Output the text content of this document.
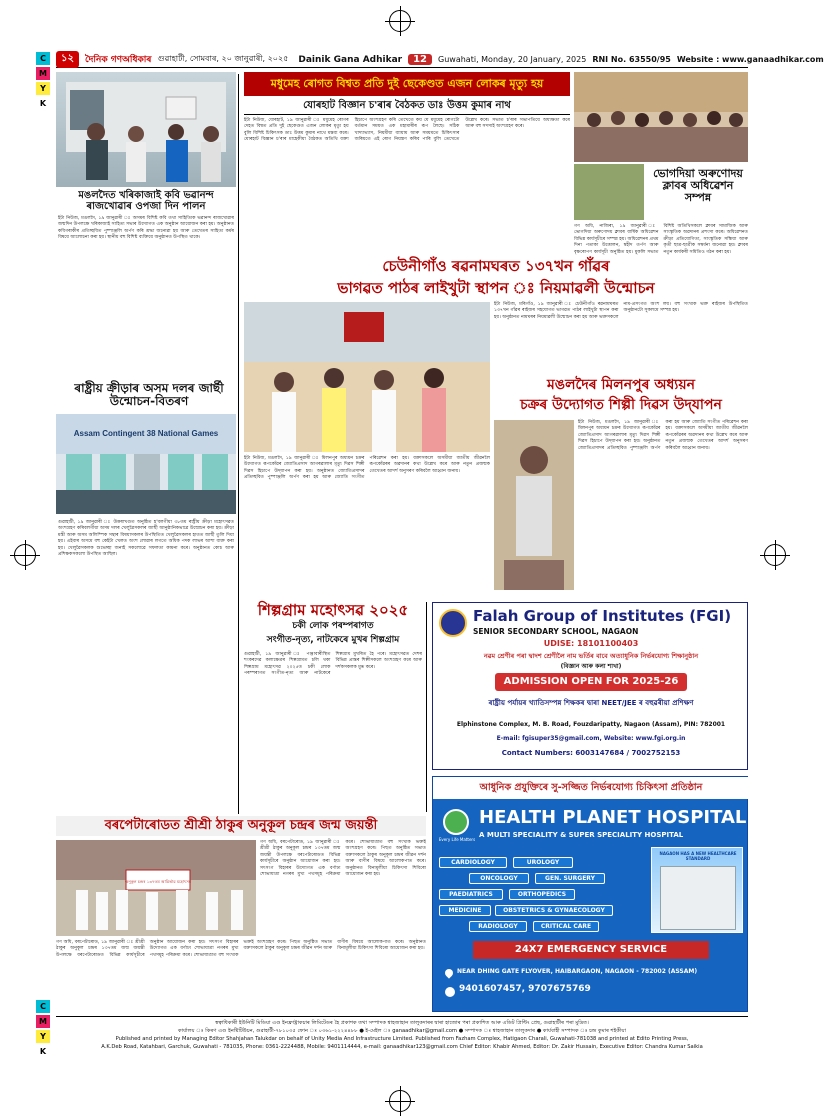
C
M
Y
K
C
M
Y
K
১২	দৈনিক গণঅধিকাৰ গুৱাহাটী, সোমবাৰ, ২০ জানুৱাৰী, ২০২৫ Dainik Gana Adhikar	12	Guwahati, Monday, 20 January, 2025 RNI No. 63550/95 Website : www.ganaadhikar.com
মঙলদৈত খৰিকাজাই কবি ভৱানন্দ ৰাজখোৱাৰ ওপজা দিন পালন
ইটা নিউজ, মঙলদৈ, ১৯ জানুৱাৰী ঃ অসমৰ বিশিষ্ট কবি তথা সাহিত্যিক ভৱানন্দ ৰাজখোৱাৰ জন্মদিন উপলক্ষে খৰিকাজাই সাহিত্য সভাৰ উদ্যোগত এক অনুষ্ঠান আয়োজন কৰা হয়। অনুষ্ঠানত কবিগৰাকীৰ প্ৰতিচ্ছবিত পুষ্পাঞ্জলি অৰ্পণ কৰি শ্ৰদ্ধা জনোৱা হয় আৰু তেখেতৰ সাহিত্য কৰ্মৰ বিষয়ে আলোচনা কৰা হয়। স্থানীয় বহু বিশিষ্ট ব্যক্তিয়ে অনুষ্ঠানত উপস্থিত থাকে।
ৰাষ্ট্ৰীয় ক্ৰীড়াৰ অসম দলৰ জাৰ্ছী উন্মোচন-বিতৰণ
Assam Contingent 38 National Games
গুৱাহাটী, ১৯ জানুৱাৰী ঃ উত্তৰাখণ্ডত অনুষ্ঠিত হ'বলগীয়া ৩৮তম ৰাষ্ট্ৰীয় ক্ৰীড়া মহোৎসৱত অংশগ্ৰহণ কৰিবলগীয়া অসম দলৰ খেলুৱৈসকলৰ জাৰ্ছী আনুষ্ঠানিকভাৱে উন্মোচন কৰা হয়। ক্ৰীড়া মন্ত্ৰী আৰু অসম অলিম্পিক সন্থাৰ বিষয়াসকলৰ উপস্থিতিত খেলুৱৈসকলৰ হাতত জাৰ্ছী তুলি দিয়া হয়। এইবাৰ অসমে বহু কেইটা খেলত অংশ লোৱাৰ লগতে অধিক পদক লাভৰ আশা ব্যক্ত কৰা হয়। খেলুৱৈসকলক শুভেচ্ছা জনাই সকলোৱে সফলতা কামনা কৰে। অনুষ্ঠানত কোচ আৰু প্ৰশিক্ষকসকলো উপস্থিত আছিল।
মধুমেহ ৰোগত বিশ্বত প্ৰতি দুই ছেকেণ্ডত এজন লোকৰ মৃত্যু হয়
যোৰহাট বিজ্ঞান চ'ৰাৰ বৈঠকত ডাঃ উত্তম কুমাৰ নাথ
ইটা নিউজ, যোৰহাট, ১৯ জানুৱাৰী ঃ মধুমেহ ৰোগৰ দেহত বিশ্বত প্ৰতি দুই ছেকেণ্ডত এজন লোকৰ মৃত্যু হয় বুলি বিশিষ্ট চিকিৎসক ডাঃ উত্তম কুমাৰ নাথে মন্তব্য কৰে। যোৰহাট বিজ্ঞান চ'ৰাৰ মাহেকীয়া বৈঠকত অতিথি বক্তা হিচাপে অংশগ্ৰহণ কৰি তেখেতে কয় যে মধুমেহ ৰোগটো বৰ্তমান সময়ত এক মহামাৰীৰ ৰূপ লৈছে। সঠিক খাদ্যাভ্যাস, নিয়মীয়া ব্যায়াম আৰু সময়মতে চিকিৎসাৰ জৰিয়তে এই ৰোগ নিয়ন্ত্ৰণ কৰিব পাৰি বুলি তেখেতে উল্লেখ কৰে। সভাত চ'ৰাৰ সভাপতিয়ে অধ্যক্ষতা কৰে আৰু বহু সদস্যই অংশগ্ৰহণ কৰে।
ভোগদিয়া অৰুণোদয় ক্লাবৰ অধিৱেশন সম্পন্ন
গণ অধি, নাজিৰা, ১৯ জানুৱাৰী ঃ ভোগদিয়া অৰুণোদয় ক্লাবৰ বাৰ্ষিক অধিৱেশন বিভিন্ন কাৰ্যসূচীৰে সম্পন্ন হয়। অধিৱেশনৰ প্ৰথম দিনা পতাকা উত্তোলন, শ্বহীদ তৰ্পণ আৰু বৃক্ষৰোপণ কাৰ্যসূচী অনুষ্ঠিত হয়। মুকলি সভাত বিশিষ্ট অতিথিসকলে ক্লাবৰ সামাজিক আৰু সাংস্কৃতিক অৱদানৰ প্ৰশংসা কৰে। অধিৱেশনত ক্ৰীড়া প্ৰতিযোগিতা, সাংস্কৃতিক সন্ধিয়া আৰু কৃতী ছাত্ৰ-ছাত্ৰীক সম্বৰ্ধনা জনোৱা হয়। ক্লাবৰ নতুন কাৰ্যকৰী সমিতিও গঠন কৰা হয়।
চেউনীগাঁও ৰৱনামঘৰত ১৩৭খন গাঁৱৰ
ভাগৱত পাঠৰ লাইখুটা স্থাপন ঃ নিয়মাৱলী উন্মোচন
ইটা নিউজ, মৰিগাঁও, ১৯ জানুৱাৰী ঃ চেউনীগাঁও ৰৱনামঘৰত ১৩৭খন গাঁৱৰ ৰাইজৰ সহযোগত ভাগৱত পাঠৰ লাইখুটা স্থাপন কৰা হয়। অনুষ্ঠানত নামঘৰৰ নিয়মাৱলী উন্মোচন কৰা হয় আৰু ভক্তসকলে নাম-প্ৰসংগত অংশ লয়। বহু সংখ্যক ভক্ত ৰাইজৰ উপস্থিতিত অনুষ্ঠানটো সুকলমে সম্পন্ন হয়।
মঙলদৈৰ মিলনপুৰ অধ্যয়ন
চক্ৰৰ উদ্যোগত শিল্পী দিৱস উদ্‌যাপন
ইটা নিউজ, মঙলদৈ, ১৯ জানুৱাৰী ঃ মিলনপুৰ অধ্যয়ন চক্ৰৰ উদ্যোগত ৰূপকোঁৱৰ জ্যোতিপ্ৰসাদ আগৰৱালাৰ মৃত্যু দিৱস শিল্পী দিৱস হিচাপে উদ্‌যাপন কৰা হয়। অনুষ্ঠানত জ্যোতিপ্ৰসাদৰ প্ৰতিচ্ছবিত পুষ্পাঞ্জলি অৰ্পণ কৰা হয় আৰু জ্যোতি সংগীত পৰিৱেশন কৰা হয়। বক্তাসকলে অসমীয়া জাতীয় জীৱনলৈ ৰূপকোঁৱৰৰ অৱদানৰ কথা উল্লেখ কৰে আৰু নতুন প্ৰজন্মক তেখেতৰ আদৰ্শ অনুসৰণ কৰিবলৈ আহ্বান জনায়।
ইটা নিউজ, মঙলদৈ, ১৯ জানুৱাৰী ঃ মিলনপুৰ অধ্যয়ন চক্ৰৰ উদ্যোগত ৰূপকোঁৱৰ জ্যোতিপ্ৰসাদ আগৰৱালাৰ মৃত্যু দিৱস শিল্পী দিৱস হিচাপে উদ্‌যাপন কৰা হয়। অনুষ্ঠানত জ্যোতিপ্ৰসাদৰ প্ৰতিচ্ছবিত পুষ্পাঞ্জলি অৰ্পণ কৰা হয় আৰু জ্যোতি সংগীত পৰিৱেশন কৰা হয়। বক্তাসকলে অসমীয়া জাতীয় জীৱনলৈ ৰূপকোঁৱৰৰ অৱদানৰ কথা উল্লেখ কৰে আৰু নতুন প্ৰজন্মক তেখেতৰ আদৰ্শ অনুসৰণ কৰিবলৈ আহ্বান জনায়।
শিল্পগ্ৰাম মহোৎসৱ ২০২৫
চকী লোক পৰম্পৰাগত
সংগীত-নৃত্য, নাটকেৰে মুখৰ শিল্পগ্ৰাম
গুৱাহাটী, ১৯ জানুৱাৰী ঃ পঞ্জাবাৰীস্থিত শংকৰদেৱ কলাক্ষেত্ৰৰ শিল্পগ্ৰামত চলি থকা শিল্পগ্ৰাম মহোৎসৱ ২০২৫ত চকী লোক পৰম্পৰাগত সংগীত-নৃত্য আৰু নাটকেৰে শিল্পগ্ৰাম মুখৰিত হৈ পৰে। মহোৎসৱত দেশৰ বিভিন্ন প্ৰান্তৰ শিল্পীসকলে অংশগ্ৰহণ কৰে আৰু দৰ্শকসকলক মুগ্ধ কৰে।
Falah Group of Institutes (FGI)
SENIOR SECONDARY SCHOOL, NAGAON
UDISE: 18101100403
নৱম শ্ৰেণীৰ পৰা দ্বাদশ শ্ৰেণীলৈ নাম ভৰ্তিৰ বাবে অত্যাধুনিক নিৰ্ভৰযোগ্য শিক্ষানুষ্ঠান
(বিজ্ঞান আৰু কলা শাখা)
ADMISSION OPEN FOR 2025-26
ৰাষ্ট্ৰীয় পৰ্যায়ৰ খ্যাতিসম্পন্ন শিক্ষকৰ দ্বাৰা NEET/JEE ৰ বহুৱৰীয়া প্ৰশিক্ষণ
Elphinstone Complex, M. B. Road, Fouzdaripatty, Nagaon (Assam), PIN: 782001
E-mail: fgisuper35@gmail.com, Website: www.fgi.org.in
Contact Numbers: 6003147684 / 7002752153
বৰপেটাৰোডত শ্ৰীশ্ৰী ঠাকুৰ অনুকূল চন্দ্ৰৰ জন্ম জয়ন্তী
অনুকূল চন্দ্ৰৰ ১৩৭তম আৱিৰ্ভাৱ মহোৎসৱ
গণ অধি, বৰপেটাৰোড, ১৯ জানুৱাৰী ঃ শ্ৰীশ্ৰী ঠাকুৰ অনুকূল চন্দ্ৰৰ ১৩৭তম জন্ম জয়ন্তী উপলক্ষে বৰপেটাৰোডত বিভিন্ন কাৰ্যসূচীৰে অনুষ্ঠান আয়োজন কৰা হয়। সৎসংগ বিহাৰৰ উদ্যোগত এক বৰ্ণাঢ্য শোভাযাত্ৰা নগৰৰ মুখ্য পথসমূহ পৰিক্ৰমা কৰে। শোভাযাত্ৰাত বহু সংখ্যক ভক্তই অংশগ্ৰহণ কৰে। পিছত অনুষ্ঠিত সভাত বক্তাসকলে ঠাকুৰ অনুকূল চন্দ্ৰৰ জীৱন দৰ্শন আৰু বাণীৰ বিষয়ে আলোকপাত কৰে। অনুষ্ঠানত বিনামূলীয়া চিকিৎসা শিবিৰো আয়োজন কৰা হয়।
গণ অধি, বৰপেটাৰোড, ১৯ জানুৱাৰী ঃ শ্ৰীশ্ৰী ঠাকুৰ অনুকূল চন্দ্ৰৰ ১৩৭তম জন্ম জয়ন্তী উপলক্ষে বৰপেটাৰোডত বিভিন্ন কাৰ্যসূচীৰে অনুষ্ঠান আয়োজন কৰা হয়। সৎসংগ বিহাৰৰ উদ্যোগত এক বৰ্ণাঢ্য শোভাযাত্ৰা নগৰৰ মুখ্য পথসমূহ পৰিক্ৰমা কৰে। শোভাযাত্ৰাত বহু সংখ্যক ভক্তই অংশগ্ৰহণ কৰে। পিছত অনুষ্ঠিত সভাত বক্তাসকলে ঠাকুৰ অনুকূল চন্দ্ৰৰ জীৱন দৰ্শন আৰু বাণীৰ বিষয়ে আলোকপাত কৰে। অনুষ্ঠানত বিনামূলীয়া চিকিৎসা শিবিৰো আয়োজন কৰা হয়।
আধুনিক প্ৰযুক্তিৰে সু-সজ্জিত নিৰ্ভৰযোগ্য চিকিৎসা প্ৰতিষ্ঠান
Every Life Matters
HEALTH PLANET HOSPITAL
A MULTI SPECIALITY & SUPER SPECIALITY HOSPITAL
NAGAON HAS A NEW HEALTHCARE STANDARD
CARDIOLOGY	UROLOGY
ONCOLOGY	GEN. SURGERY
PAEDIATRICS	ORTHOPEDICS
MEDICINE	OBSTETRICS & GYNAECOLOGY
RADIOLOGY	CRITICAL CARE
24X7 EMERGENCY SERVICE
NEAR DHING GATE FLYOVER, HAIBARGAON, NAGAON - 782002 (ASSAM)
9401607457, 9707675769
স্বত্বাধিকাৰী ইউনিটি মিডিয়া এণ্ড ইনফ্ৰাষ্ট্ৰাকচাৰ লিমিটেডৰ হৈ প্ৰকাশক তথা সম্পাদক শ্বাহজাহান তালুকদাৰৰ দ্বাৰা হাজোৰ পৰা প্ৰকাশিত আৰু এডিট প্ৰিন্টিং প্ৰেছ, গুৱাহাটীৰ পৰা মুদ্ৰিত।
কাৰ্যালয় ঃ কিৰণ এণ্ড ইনষ্টিটিউচন, গুৱাহাটী-৭৮১০৩৫ ফোন ঃ ০৩৬১-২২২৪৪৮৮ ● ই-মেইল ঃ ganaadhikar@gmail.com ● সম্পাদক ঃ শ্বাহজাহান তালুকদাৰ ● কাৰ্যবাহী সম্পাদক ঃ চন্দ্ৰ কুমাৰ শইকীয়া
Published and printed by Managing Editor Shahjahan Talukdar on behalf of Unity Media And Infrastructure Limited. Published from Fazham Complex, Hatigaon Charali, Guwahati-781038 and printed at Edito Printing Press,
A.K.Deb Road, Katahbari, Garchuk, Guwahati - 781035, Phone: 0361-2224488, Mobile: 9401114444, e-mail: ganaadhikar123@gmail.com Chief Editor: Khabir Ahmed, Editor: Dr. Zakir Hussain, Executive Editor: Chandra Kumar Saikia
